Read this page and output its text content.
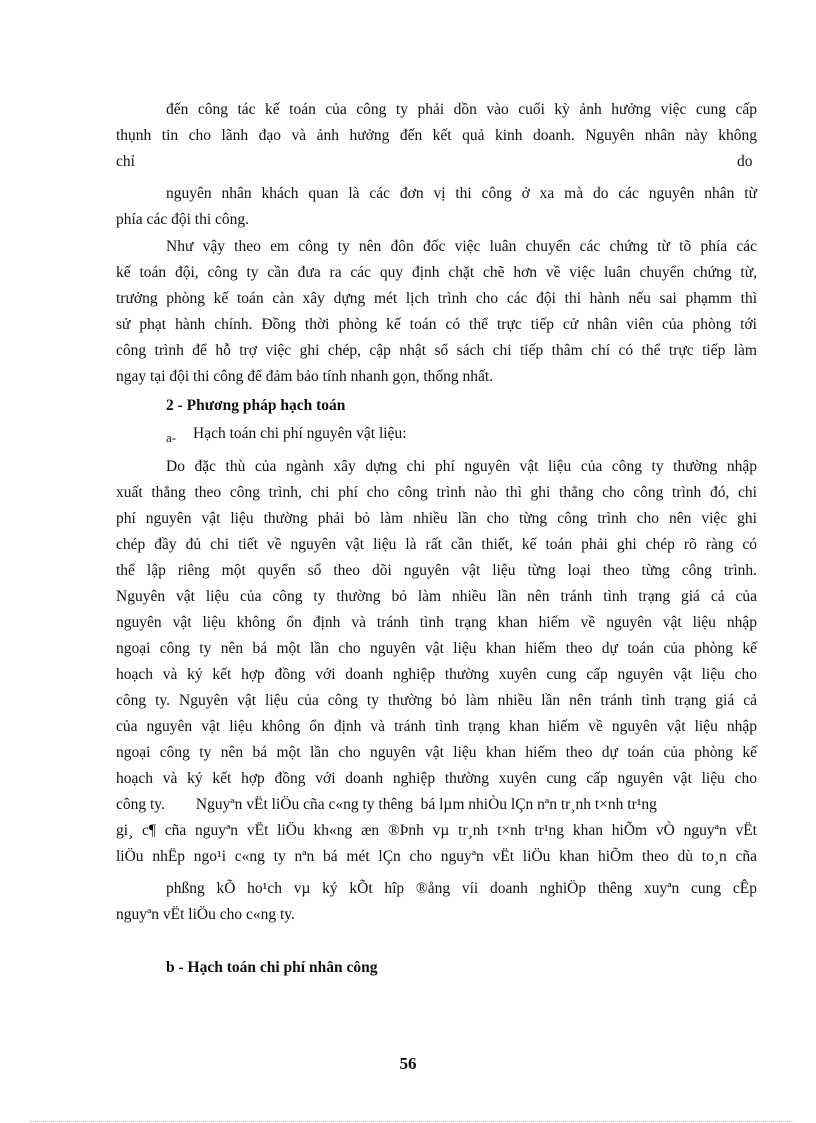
đến công tác kế toán của công ty phải dồn vào cuối kỳ ảnh hưởng việc cung cấp
thụnh tin cho lãnh đạo và ảnh hưởng đến kết quả kinh doanh. Nguyên nhân này không
chỉ	do
nguyên nhân khách quan là các đơn vị thi công ở xa mà do các nguyên nhân từ
phía các đội thi công.
Như vậy theo em công ty nên đôn đốc việc luân chuyển các chứng từ tõ phía các
kế toán đội, công ty cần đưa ra các quy định chặt chẽ hơn về việc luân chuyển chứng từ,
trưởng phòng kế toán càn xây dựng mét lịch trình cho các đội thi hành nếu sai phạmm thì
sử phạt hành chính. Đồng thời phòng kế toán có thể trực tiếp cử nhân viên của phòng tới
công trình để hỗ trợ việc ghi chép, cập nhật sổ sách chi tiếp thâm chí có thể trực tiếp làm
ngay tại đội thi công để đảm bảo tính nhanh gọn, thống nhất.
2 - Phương pháp hạch toán
a- Hạch toán chi phí nguyên vật liệu:
Do đặc thù của ngành xây dựng chi phí nguyên vật liệu của công ty thường nhập
xuất thẳng theo công trình, chi phí cho công trình nào thì ghi thẳng cho công trình đó, chi
phí nguyên vật liệu thường phải bỏ làm nhiều lần cho từng công trình cho nên việc ghi
chép đầy đủ chi tiết về nguyên vật liệu là rất cần thiết, kế toán phải ghi chép rõ ràng có
thể lập riêng một quyển sổ theo dõi nguyên vật liệu từng loại theo từng công trình.
Nguyên vật liệu của công ty thường bỏ làm nhiều lần nên tránh tình trạng giá cả của
nguyên vật liệu không ổn định và tránh tình trạng khan hiếm về nguyên vật liệu nhập
ngoại công ty nên bá một lần cho nguyên vật liệu khan hiếm theo dự toán của phòng kế
hoạch và ký kết hợp đồng với doanh nghiệp thường xuyên cung cấp nguyên vật liệu cho
công ty. Nguyên vật liệu của công ty thường bỏ làm nhiều lần nên tránh tình trạng giá cả
của nguyên vật liệu không ổn định và tránh tình trạng khan hiếm về nguyên vật liệu nhập
ngoại công ty nên bá một lần cho nguyên vật liệu khan hiếm theo dự toán của phòng kế
hoạch và ký kết hợp đồng với doanh nghiệp thường xuyên cung cấp nguyên vật liệu cho
công ty.        Nguyªn vËt liÖu cña c«ng ty thêng  bá lµm nhiÒu lÇn nªn tr¸nh t×nh tr¹ng
gi¸ c¶ cña nguyªn vËt liÖu kh«ng æn ®Þnh vµ tr¸nh t×nh tr¹ng khan hiÕm vÒ nguyªn vËt
liÖu nhËp ngo¹i c«ng ty nªn bá mét lÇn cho nguyªn vËt liÖu khan hiÕm theo dù to¸n cña
phßng kÕ ho¹ch vµ ký kÕt hîp ®ång víi doanh nghiÖp thêng xuyªn cung cÊp
nguyªn vËt liÖu cho c«ng ty.
b - Hạch toán chi phí nhân công
56
